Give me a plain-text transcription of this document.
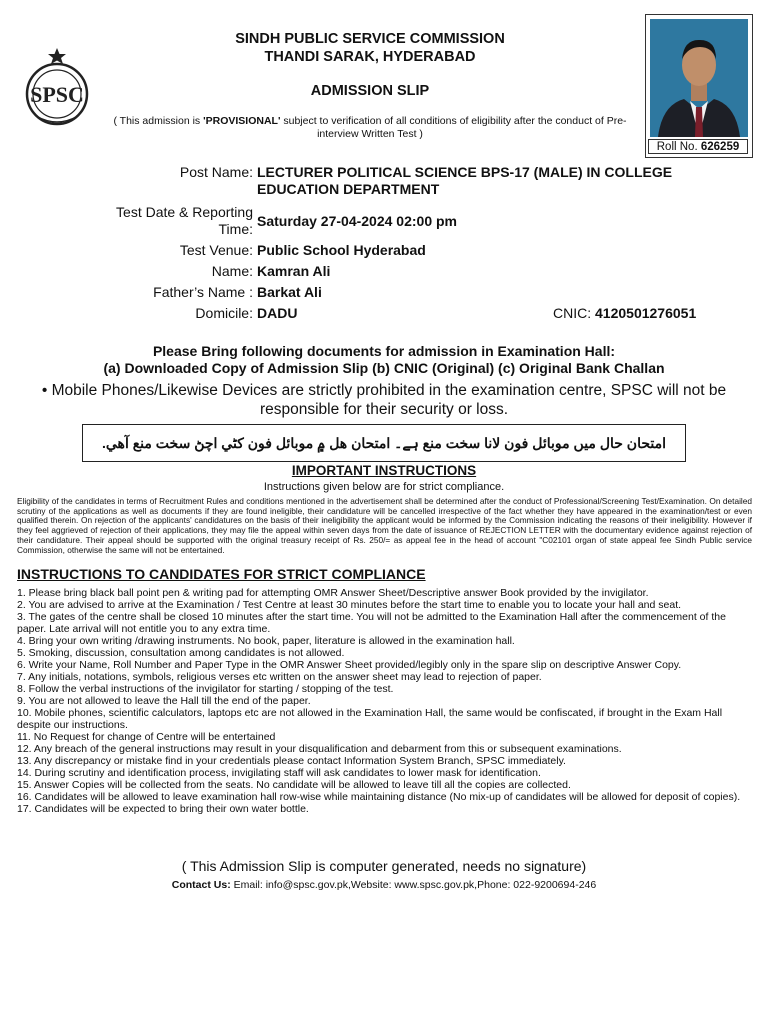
SPSC
SINDH PUBLIC SERVICE COMMISSION
THANDI SARAK, HYDERABAD
ADMISSION SLIP
( This admission is 'PROVISIONAL' subject to verification of all conditions of eligibility after the conduct of Pre-interview Written Test )
Roll No. 626259
Post Name: LECTURER POLITICAL SCIENCE BPS-17 (MALE) IN COLLEGE EDUCATION DEPARTMENT
Test Date & Reporting Time: Saturday 27-04-2024 02:00 pm
Test Venue: Public School Hyderabad
Name: Kamran Ali
Father’s Name : Barkat Ali
Domicile: DADU	CNIC: 4120501276051
Please Bring following documents for admission in Examination Hall:
(a) Downloaded Copy of Admission Slip (b) CNIC (Original) (c) Original Bank Challan
• Mobile Phones/Likewise Devices are strictly prohibited in the examination centre, SPSC will not be responsible for their security or loss.
امتحان حال ميں موبائل فون لانا سخت منع ہے۔ امتحان هل ۾ موبائل فون کڻي اچڻ سخت منع آهي.
IMPORTANT INSTRUCTIONS
Instructions given below are for strict compliance.
Eligibility of the candidates in terms of Recruitment Rules and conditions mentioned in the advertisement shall be determined after the conduct of Professional/Screening Test/Examination. On detailed scrutiny of the applications as well as documents if they are found ineligible, their candidature will be cancelled irrespective of the fact whether they have appeared in the examination/test or even qualified therein. On rejection of the applicants' candidatures on the basis of their ineligibility the applicant would be informed by the Commission indicating the reasons of their ineligibility. However if they feel aggrieved of rejection of their applications, they may file the appeal within seven days from the date of issuance of REJECTION LETTER with the documentary evidence against rejection of their candidature. Their appeal should be supported with the original treasury receipt of Rs. 250/= as appeal fee in the head of account "C02101 organ of state appeal fee Sindh Public service Commission, otherwise the same will not be entertained.
INSTRUCTIONS TO CANDIDATES FOR STRICT COMPLIANCE
1. Please bring black ball point pen & writing pad for attempting OMR Answer Sheet/Descriptive answer Book provided by the invigilator.
2. You are advised to arrive at the Examination / Test Centre at least 30 minutes before the start time to enable you to locate your hall and seat.
3. The gates of the centre shall be closed 10 minutes after the start time. You will not be admitted to the Examination Hall after the commencement of the paper. Late arrival will not entitle you to any extra time.
4. Bring your own writing /drawing instruments. No book, paper, literature is allowed in the examination hall.
5. Smoking, discussion, consultation among candidates is not allowed.
6. Write your Name, Roll Number and Paper Type in the OMR Answer Sheet provided/legibly only in the spare slip on descriptive Answer Copy.
7. Any initials, notations, symbols, religious verses etc written on the answer sheet may lead to rejection of paper.
8. Follow the verbal instructions of the invigilator for starting / stopping of the test.
9. You are not allowed to leave the Hall till the end of the paper.
10. Mobile phones, scientific calculators, laptops etc are not allowed in the Examination Hall, the same would be confiscated, if brought in the Exam Hall despite our instructions.
11. No Request for change of Centre will be entertained
12. Any breach of the general instructions may result in your disqualification and debarment from this or subsequent examinations.
13. Any discrepancy or mistake find in your credentials please contact Information System Branch, SPSC immediately.
14. During scrutiny and identification process, invigilating staff will ask candidates to lower mask for identification.
15. Answer Copies will be collected from the seats. No candidate will be allowed to leave till all the copies are collected.
16. Candidates will be allowed to leave examination hall row-wise while maintaining distance (No mix-up of candidates will be allowed for deposit of copies).
17. Candidates will be expected to bring their own water bottle.
( This Admission Slip is computer generated, needs no signature)
Contact Us: Email: info@spsc.gov.pk,Website: www.spsc.gov.pk,Phone: 022-9200694-246
